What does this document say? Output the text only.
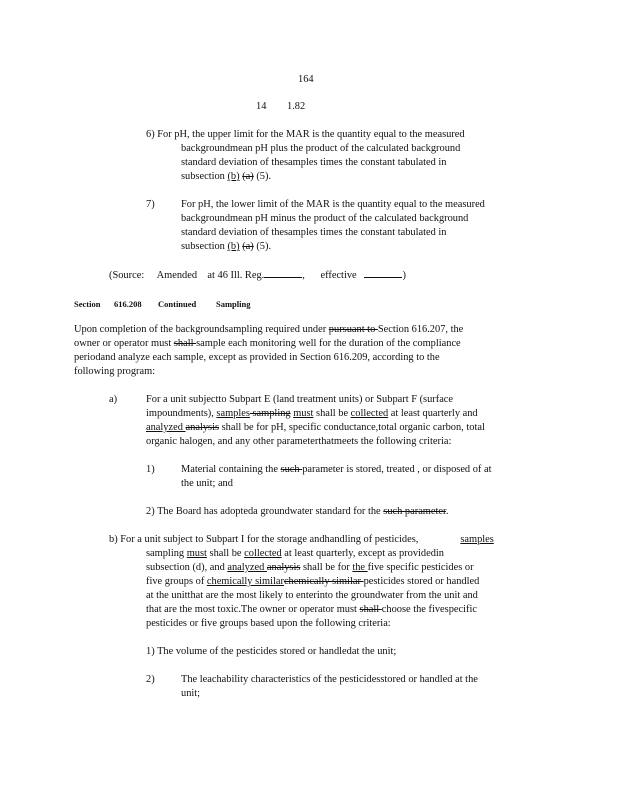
164
14 1.82
6) For pH, the upper limit for the MAR is the quantity equal to the measured
backgroundmean pH plus the product of the calculated background
standard deviation of thesamples times the constant tabulated in
subsection (b) (a) (5).
7)	For pH, the lower limit of the MAR is the quantity equal to the measured
backgroundmean pH minus the product of the calculated background
standard deviation of thesamples times the constant tabulated in
subsection (b) (a) (5).
(Source: Amended at 46 Ill. Reg.	, effective	)
Section 616.208 Continued Sampling
Upon completion of the backgroundsampling required under pursuant to Section 616.207, the
owner or operator must shall sample each monitoring well for the duration of the compliance
periodand analyze each sample, except as provided in Section 616.209, according to the
following program:
a)	For a unit subjectto Subpart E (land treatment units) or Subpart F (surface
impoundments), samples sampling must shall be collected at least quarterly and
analyzed analysis shall be for pH, specific conductance,total organic carbon, total
organic halogen, and any other parameterthatmeets the following criteria:
1)	Material containing the such parameter is stored, treated , or disposed of at
the unit; and
2) The Board has adopteda groundwater standard for the such parameter.
b) For a unit subject to Subpart I for the storage andhandling of pesticides,	samples
sampling must shall be collected at least quarterly, except as providedin
subsection (d), and analyzed analysis shall be for the five specific pesticides or
five groups of chemically similarchemically similar pesticides stored or handled
at the unitthat are the most likely to enterinto the groundwater from the unit and
that are the most toxic.The owner or operator must shall choose the fivespecific
pesticides or five groups based upon the following criteria:
1) The volume of the pesticides stored or handledat the unit;
2)	The leachability characteristics of the pesticidesstored or handled at the
unit;
